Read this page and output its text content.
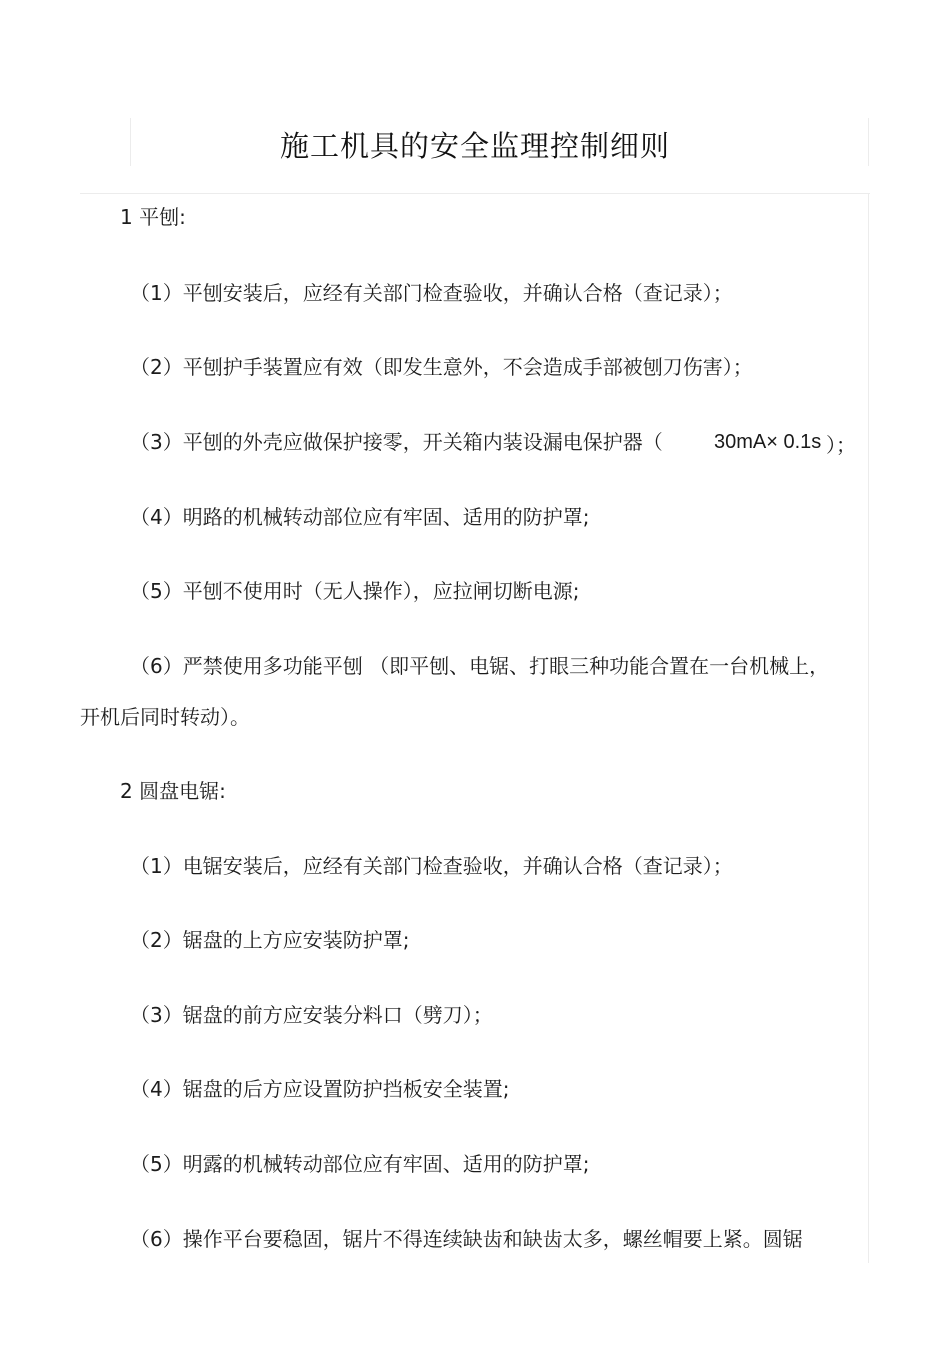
施工机具的安全监理控制细则
1 平刨:
（1）平刨安装后，应经有关部门检查验收，并确认合格（查记录）；
（2）平刨护手装置应有效（即发生意外，不会造成手部被刨刀伤害）；
（3）平刨的外壳应做保护接零，开关箱内装设漏电保护器（	30mA× 0.1s ）；
（4）明路的机械转动部位应有牢固、适用的防护罩;
（5）平刨不使用时（无人操作），应拉闸切断电源;
（6）严禁使用多功能平刨 （即平刨、电锯、打眼三种功能合置在一台机械上，
开机后同时转动）。
2 圆盘电锯:
（1）电锯安装后，应经有关部门检查验收，并确认合格（查记录）；
（2）锯盘的上方应安装防护罩;
（3）锯盘的前方应安装分料口（劈刀）；
（4）锯盘的后方应设置防护挡板安全装置;
（5）明露的机械转动部位应有牢固、适用的防护罩;
（6）操作平台要稳固，锯片不得连续缺齿和缺齿太多，螺丝帽要上紧。圆锯
